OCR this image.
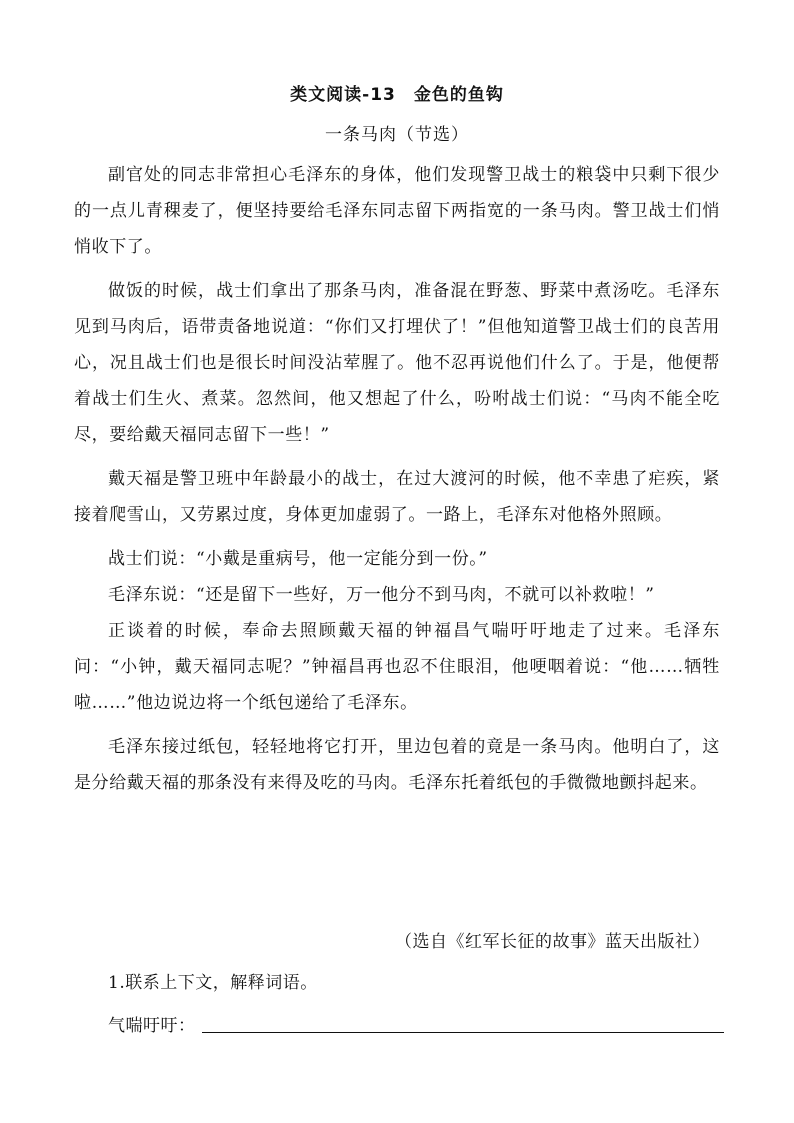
类文阅读-13　金色的鱼钩
一条马肉（节选）

副官处的同志非常担心毛泽东的身体，他们发现警卫战士的粮袋中只剩下很少的一点儿青稞麦了，便坚持要给毛泽东同志留下两指宽的一条马肉。警卫战士们悄悄收下了。

做饭的时候，战士们拿出了那条马肉，准备混在野葱、野菜中煮汤吃。毛泽东见到马肉后，语带责备地说道：“你们又打埋伏了！”但他知道警卫战士们的良苦用心，况且战士们也是很长时间没沾荤腥了。他不忍再说他们什么了。于是，他便帮着战士们生火、煮菜。忽然间，他又想起了什么，吩咐战士们说：“马肉不能全吃尽，要给戴天福同志留下一些！”

戴天福是警卫班中年龄最小的战士，在过大渡河的时候，他不幸患了疟疾，紧接着爬雪山，又劳累过度，身体更加虚弱了。一路上，毛泽东对他格外照顾。

战士们说：“小戴是重病号，他一定能分到一份。”

毛泽东说：“还是留下一些好，万一他分不到马肉，不就可以补救啦！”

正谈着的时候，奉命去照顾戴天福的钟福昌气喘吁吁地走了过来。毛泽东问：“小钟，戴天福同志呢？”钟福昌再也忍不住眼泪，他哽咽着说：“他……牺牲啦……”他边说边将一个纸包递给了毛泽东。

毛泽东接过纸包，轻轻地将它打开，里边包着的竟是一条马肉。他明白了，这是分给戴天福的那条没有来得及吃的马肉。毛泽东托着纸包的手微微地颤抖起来。

（选自《红军长征的故事》蓝天出版社）
1.联系上下文，解释词语。
气喘吁吁：
